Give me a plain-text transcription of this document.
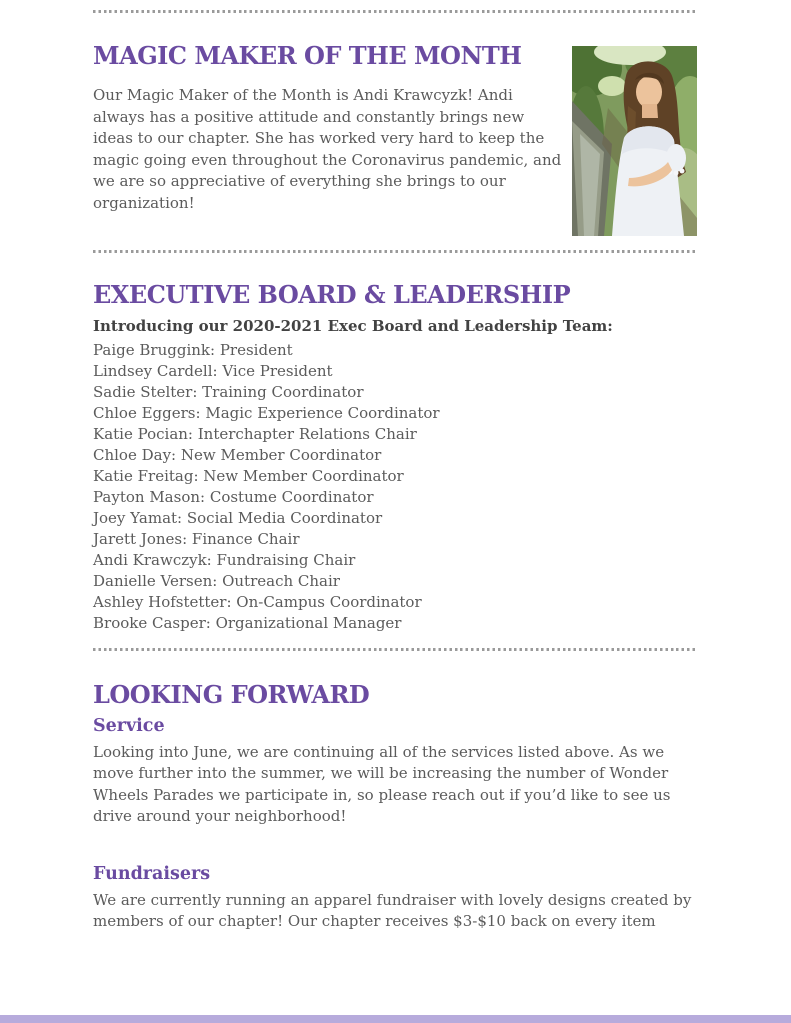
MAGIC MAKER OF THE MONTH

Our Magic Maker of the Month is Andi Krawcyzk! Andi always has a positive attitude and constantly brings new ideas to our chapter. She has worked very hard to keep the magic going even throughout the Coronavirus pandemic, and we are so appreciative of everything she brings to our organization!

EXECUTIVE BOARD & LEADERSHIP

Introducing our 2020-2021 Exec Board and Leadership Team:

Paige Bruggink: President
Lindsey Cardell: Vice President
Sadie Stelter: Training Coordinator
Chloe Eggers: Magic Experience Coordinator
Katie Pocian: Interchapter Relations Chair
Chloe Day: New Member Coordinator
Katie Freitag: New Member Coordinator
Payton Mason: Costume Coordinator
Joey Yamat: Social Media Coordinator
Jarett Jones: Finance Chair
Andi Krawczyk: Fundraising Chair
Danielle Versen: Outreach Chair
Ashley Hofstetter: On-Campus Coordinator
Brooke Casper: Organizational Manager
LOOKING FORWARD
Service

Looking into June, we are continuing all of the services listed above. As we move further into the summer, we will be increasing the number of Wonder Wheels Parades we participate in, so please reach out if you’d like to see us drive around your neighborhood!

Fundraisers

We are currently running an apparel fundraiser with lovely designs created by members of our chapter! Our chapter receives $3-$10 back on every item
